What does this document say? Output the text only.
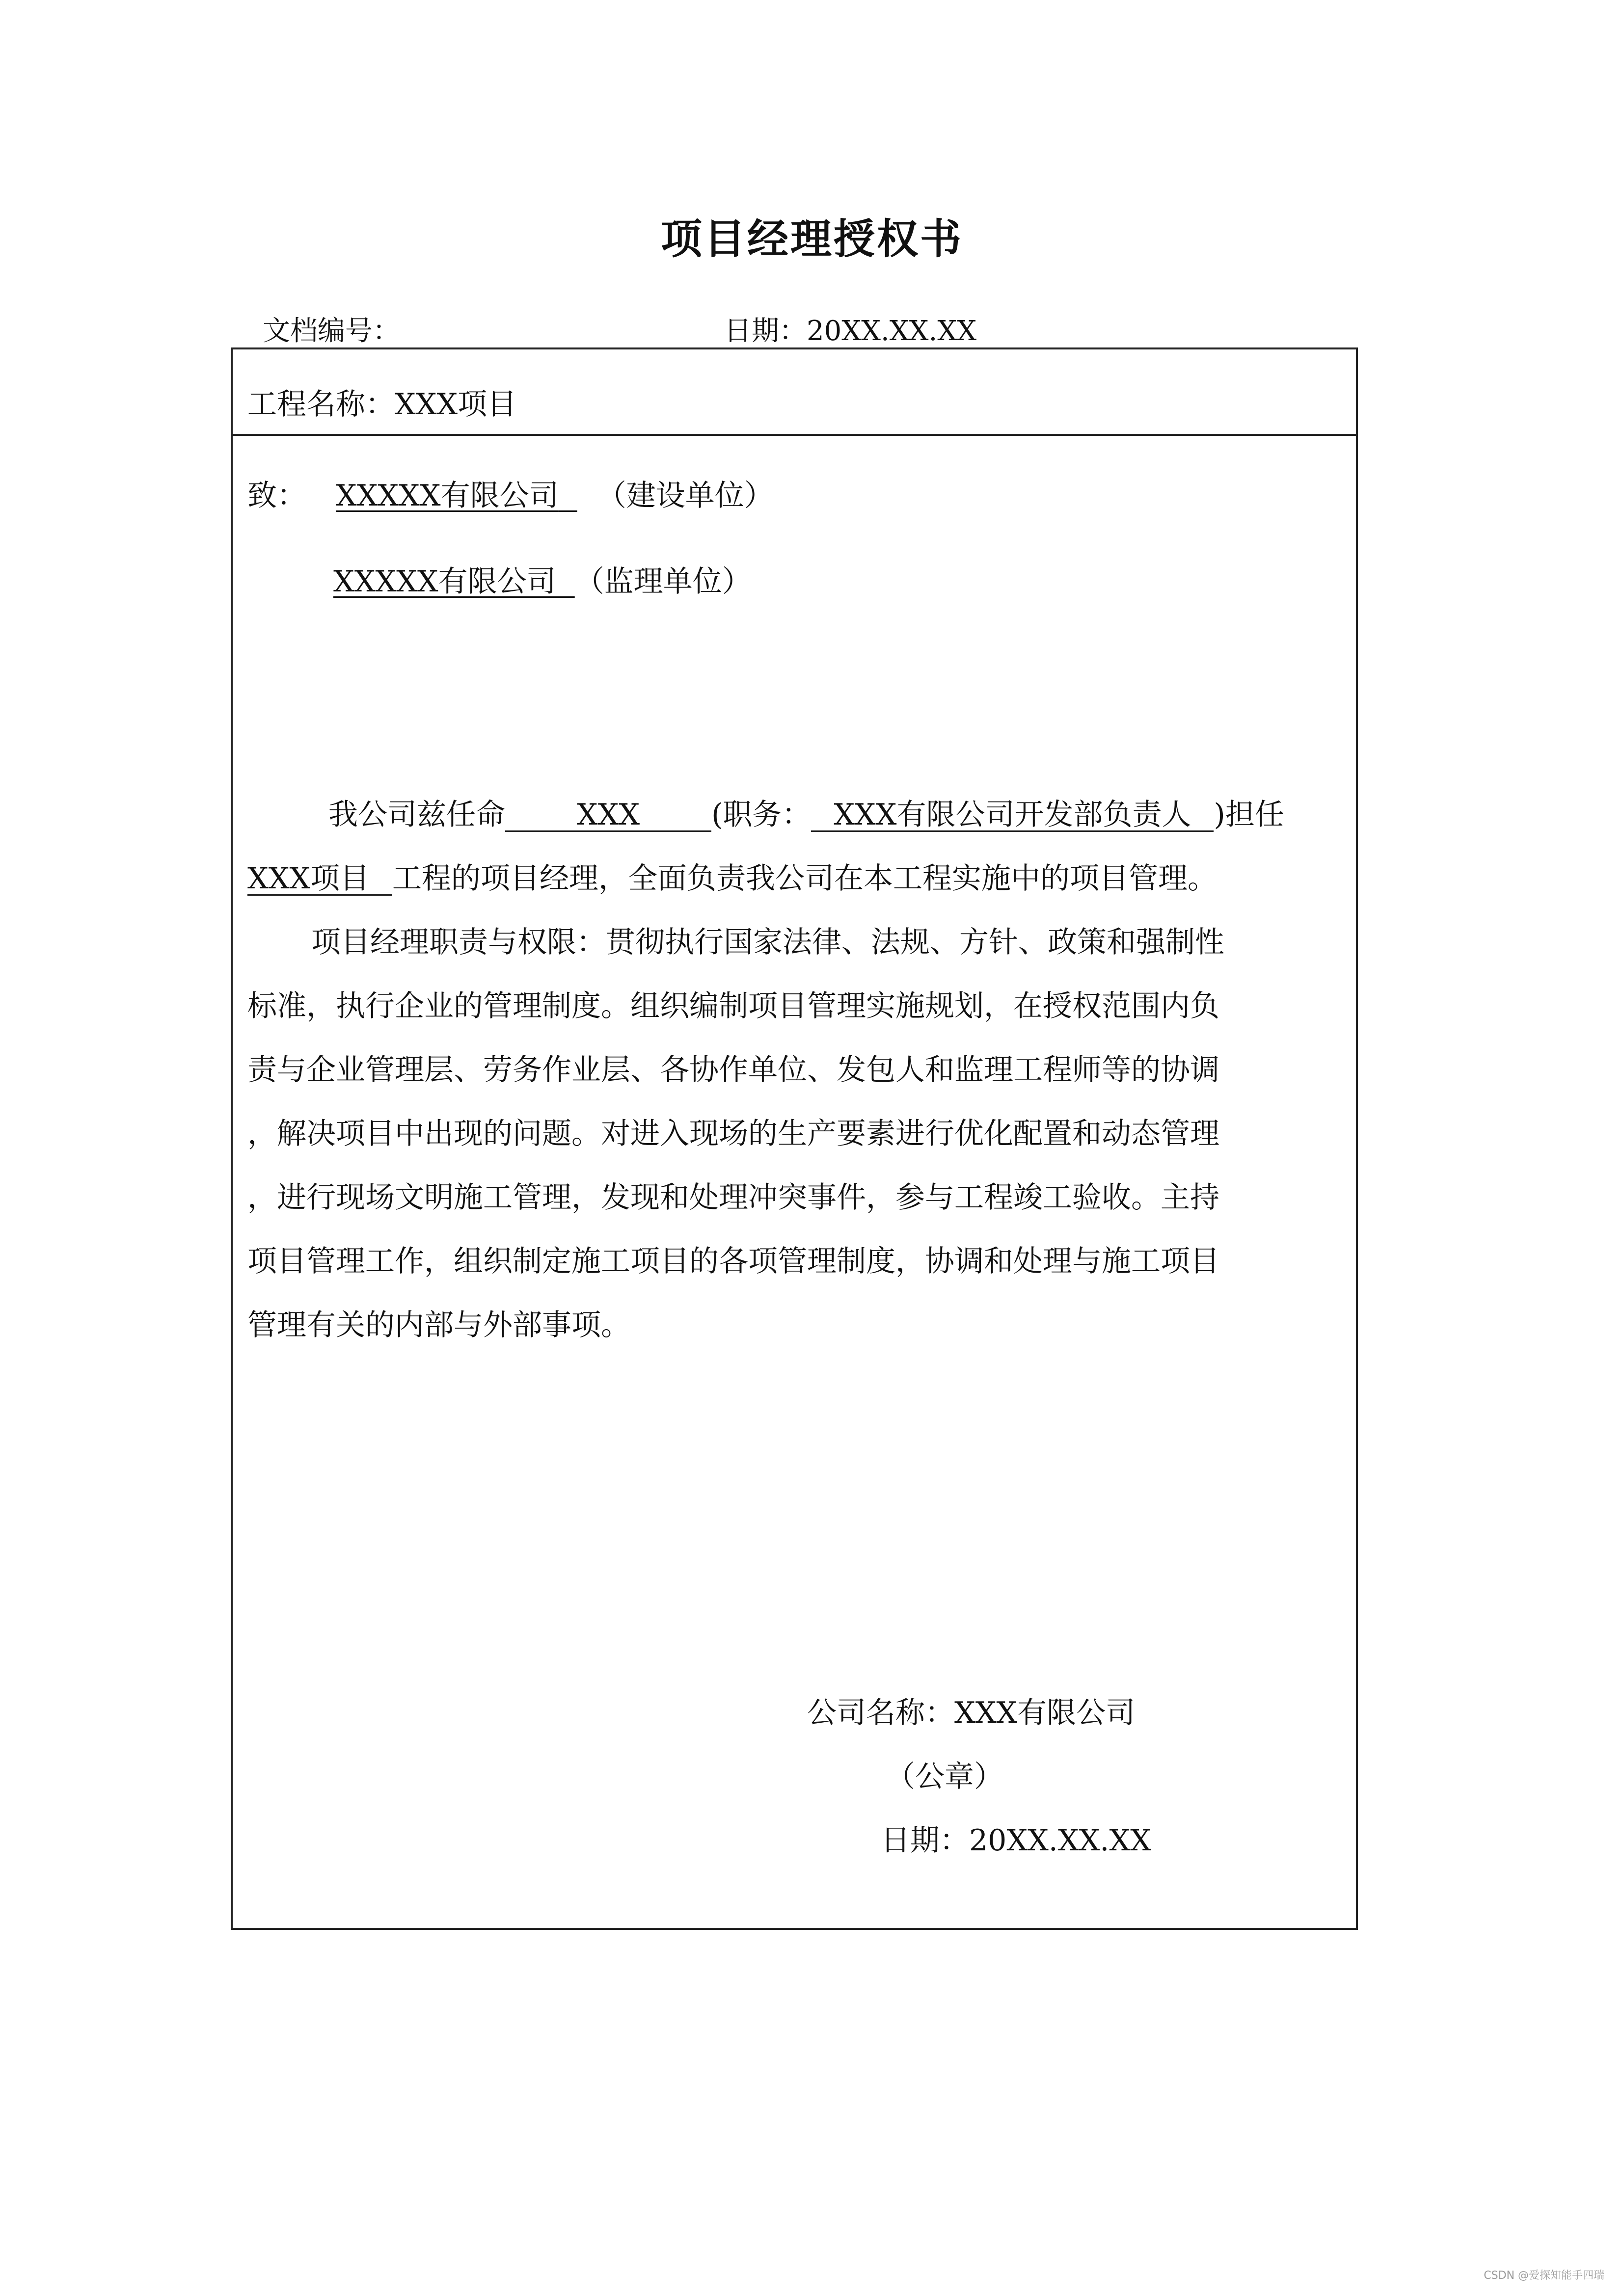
项目经理授权书
文档编号：	日期：20XX.XX.XX
工程名称：XXX项目
致： XXXXX有限公司 （建设单位）
XXXXX有限公司 （监理单位）
我公司兹任命 XXX (职务： XXX有限公司开发部负责人 )担任
XXX项目 工程的项目经理，全面负责我公司在本工程实施中的项目管理。
项目经理职责与权限：贯彻执行国家法律、法规、方针、政策和强制性
标准，执行企业的管理制度。组织编制项目管理实施规划，在授权范围内负
责与企业管理层、劳务作业层、各协作单位、发包人和监理工程师等的协调
，解决项目中出现的问题。对进入现场的生产要素进行优化配置和动态管理
，进行现场文明施工管理，发现和处理冲突事件，参与工程竣工验收。主持
项目管理工作，组织制定施工项目的各项管理制度，协调和处理与施工项目
管理有关的内部与外部事项。
公司名称：XXX有限公司
（公章）
日期：20XX.XX.XX
CSDN @爱探知能手四瑞
